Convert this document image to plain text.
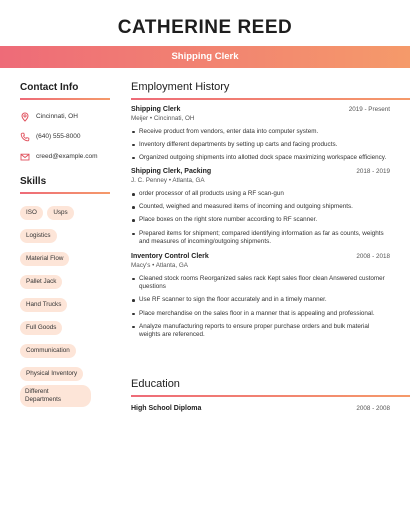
CATHERINE REED
Shipping Clerk
Contact Info
Cincinnati, OH
(640) 555-8000
creed@example.com
Skills
ISO	Usps
Logistics
Material Flow
Pallet Jack
Hand Trucks
Full Goods
Communication
Physical Inventory
Different Departments
Employment History
Shipping Clerk	2019 - Present
Meijer • Cincinnati, OH
Receive product from vendors, enter data into computer system.
Inventory different departments by setting up carts and facing products.
Organized outgoing shipments into allotted dock space maximizing workspace efficiency.
Shipping Clerk, Packing	2018 - 2019
J. C. Penney • Atlanta, GA
order processor of all products using a RF scan-gun
Counted, weighed and measured items of incoming and outgoing shipments.
Place boxes on the right store number according to RF scanner.
Prepared items for shipment; compared identifying information as far as counts, weights and measures of incoming/outgoing shipments.
Inventory Control Clerk	2008 - 2018
Macy's • Atlanta, GA
Cleaned stock rooms Reorganized sales rack Kept sales floor clean Answered customer questions
Use RF scanner to sign the floor accurately and in a timely manner.
Place merchandise on the sales floor in a manner that is appealing and professional.
Analyze manufacturing reports to ensure proper purchase orders and bulk material weights are referenced.
Education
High School Diploma	2008 - 2008
